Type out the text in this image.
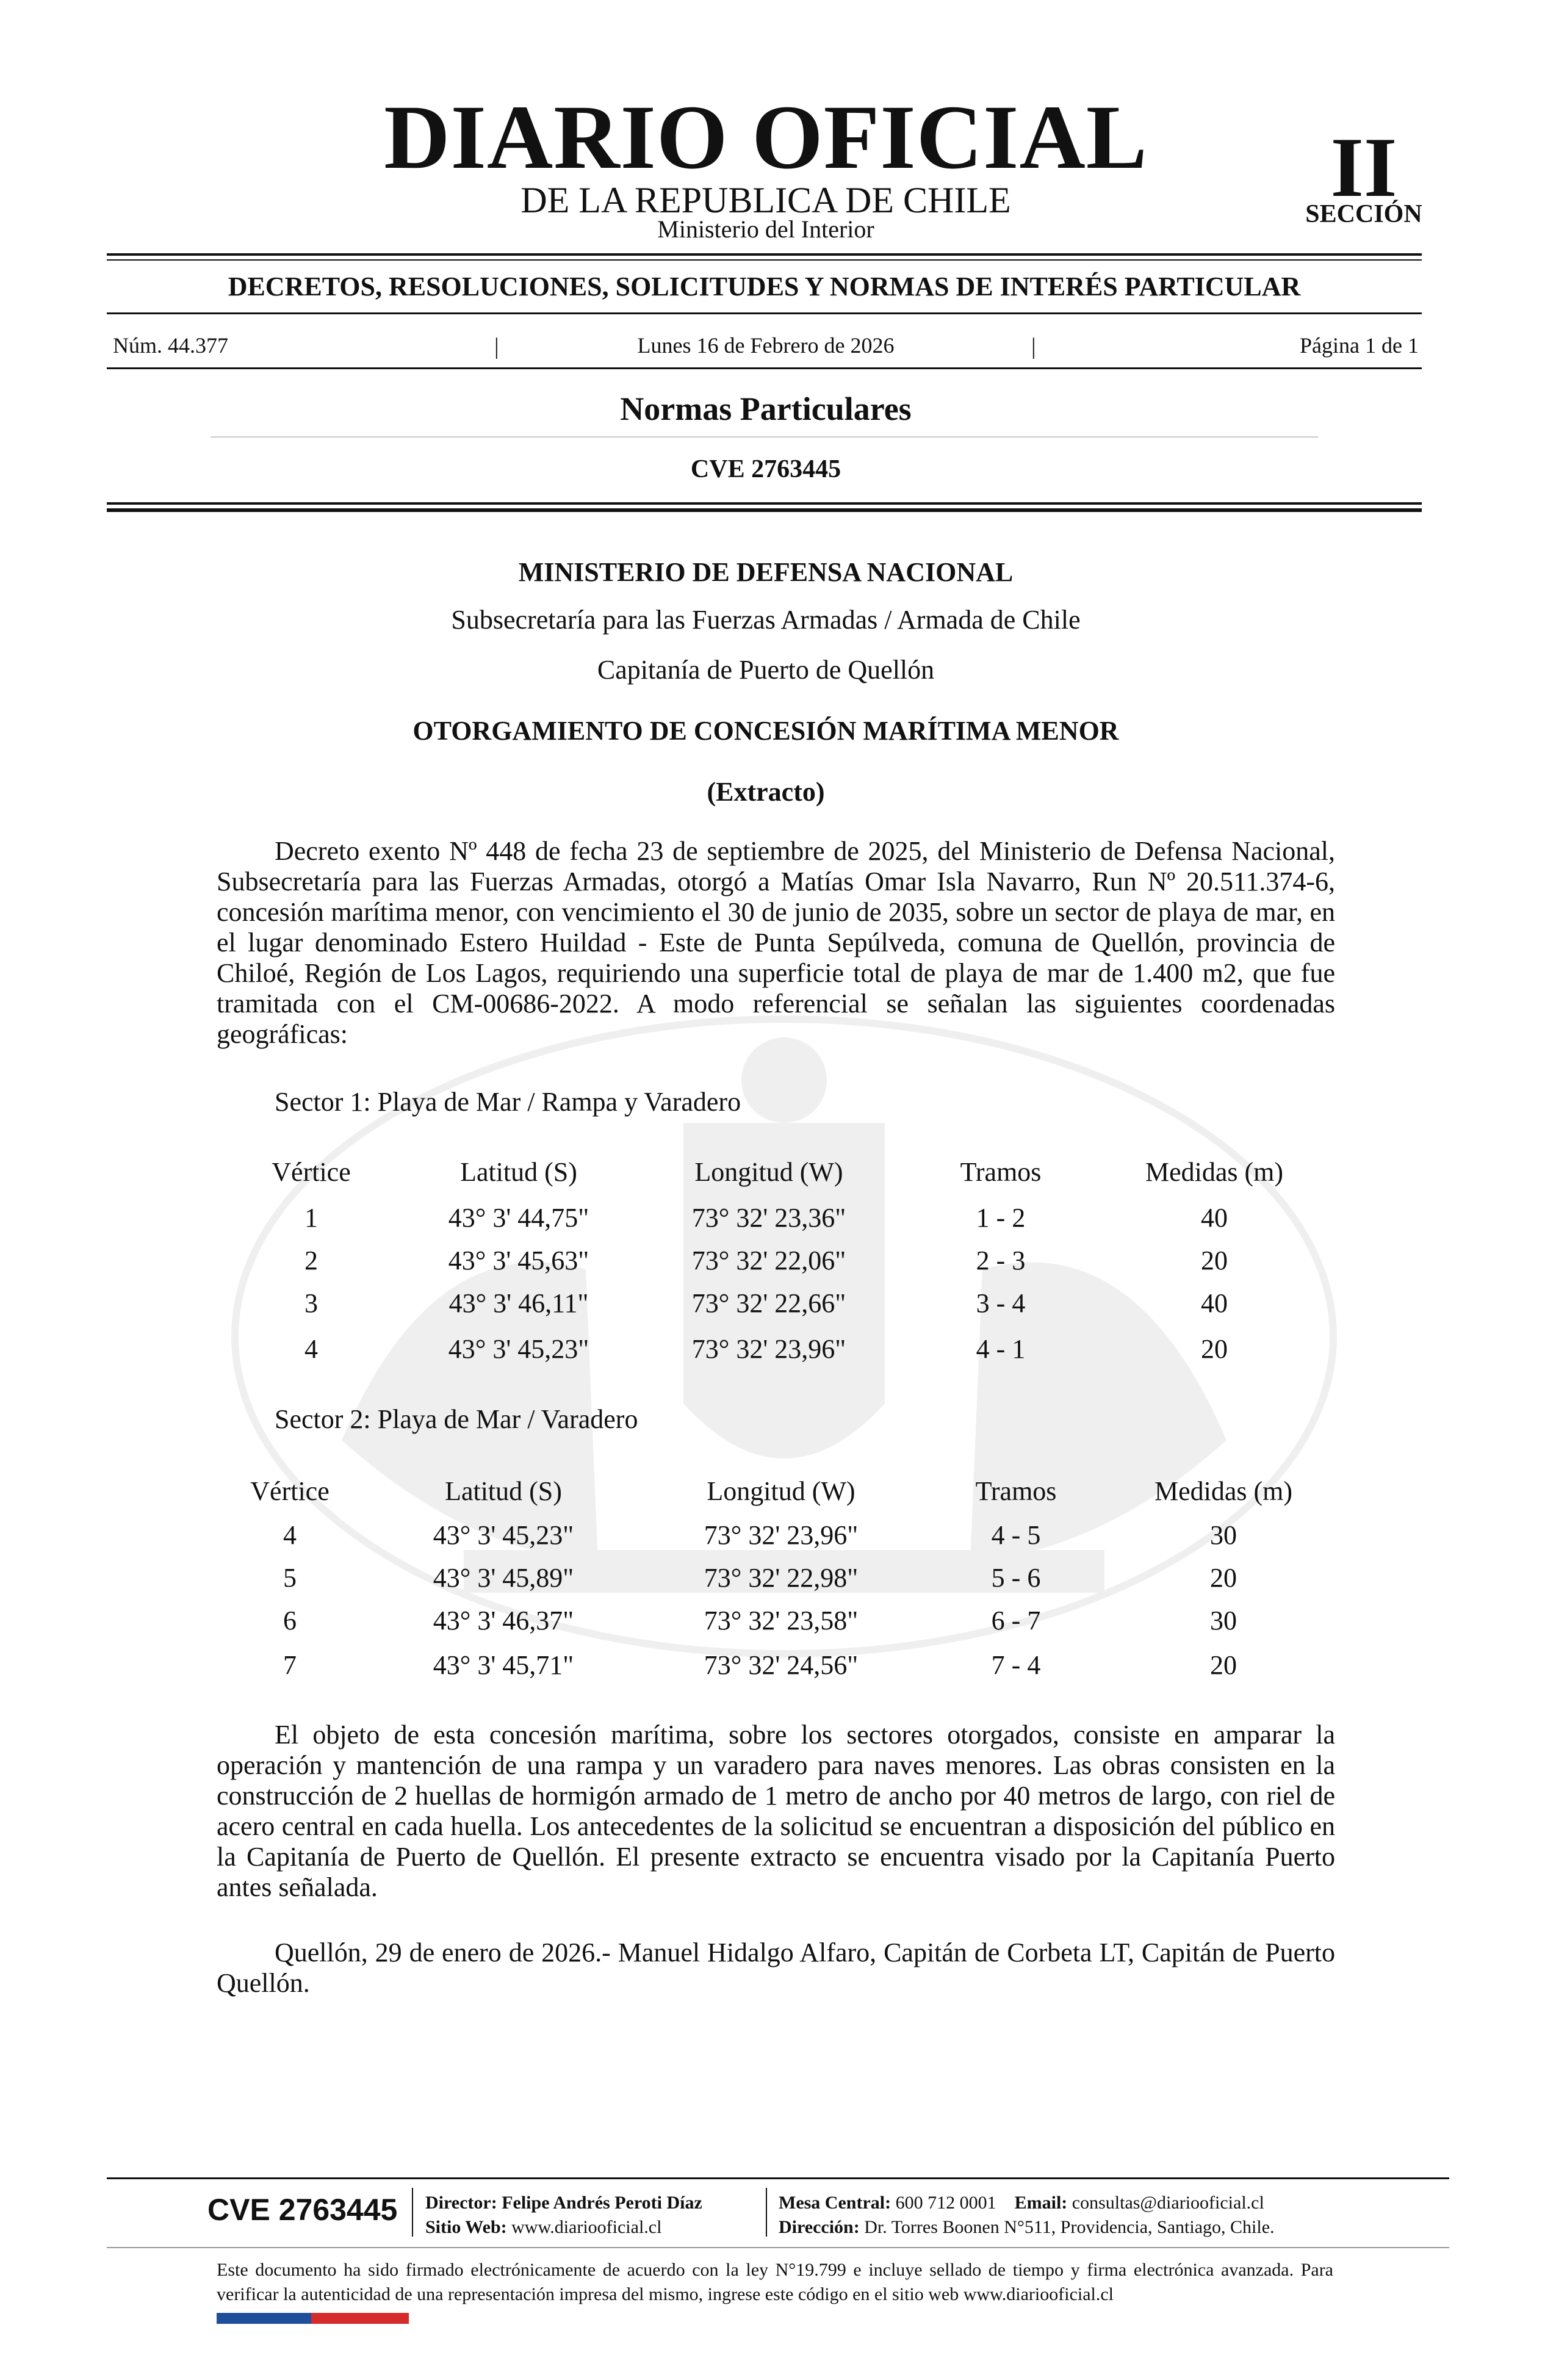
DIARIO OFICIAL
DE LA REPUBLICA DE CHILE
Ministerio del Interior
II
SECCIÓN
DECRETOS, RESOLUCIONES, SOLICITUDES Y NORMAS DE INTERÉS PARTICULAR
Núm. 44.377	|	Lunes 16 de Febrero de 2026	|	Página 1 de 1
Normas Particulares
CVE 2763445
MINISTERIO DE DEFENSA NACIONAL
Subsecretaría para las Fuerzas Armadas / Armada de Chile
Capitanía de Puerto de Quellón
OTORGAMIENTO DE CONCESIÓN MARÍTIMA MENOR
(Extracto)
Decreto exento Nº 448 de fecha 23 de septiembre de 2025, del Ministerio de Defensa Nacional, Subsecretaría para las Fuerzas Armadas, otorgó a Matías Omar Isla Navarro, Run Nº 20.511.374-6, concesión marítima menor, con vencimiento el 30 de junio de 2035, sobre un sector de playa de mar, en el lugar denominado Estero Huildad - Este de Punta Sepúlveda, comuna de Quellón, provincia de Chiloé, Región de Los Lagos, requiriendo una superficie total de playa de mar de 1.400 m2, que fue tramitada con el CM-00686-2022. A modo referencial se señalan las siguientes coordenadas geográficas:
Sector 1: Playa de Mar / Rampa y Varadero
Vértice	Latitud (S)	Longitud (W)	Tramos	Medidas (m)
1	43° 3' 44,75"	73° 32' 23,36"	1 - 2	40
2	43° 3' 45,63"	73° 32' 22,06"	2 - 3	20
3	43° 3' 46,11"	73° 32' 22,66"	3 - 4	40
4	43° 3' 45,23"	73° 32' 23,96"	4 - 1	20
Sector 2: Playa de Mar / Varadero
Vértice	Latitud (S)	Longitud (W)	Tramos	Medidas (m)
4	43° 3' 45,23"	73° 32' 23,96"	4 - 5	30
5	43° 3' 45,89"	73° 32' 22,98"	5 - 6	20
6	43° 3' 46,37"	73° 32' 23,58"	6 - 7	30
7	43° 3' 45,71"	73° 32' 24,56"	7 - 4	20
El objeto de esta concesión marítima, sobre los sectores otorgados, consiste en amparar la operación y mantención de una rampa y un varadero para naves menores. Las obras consisten en la construcción de 2 huellas de hormigón armado de 1 metro de ancho por 40 metros de largo, con riel de acero central en cada huella. Los antecedentes de la solicitud se encuentran a disposición del público en la Capitanía de Puerto de Quellón. El presente extracto se encuentra visado por la Capitanía Puerto antes señalada.
Quellón, 29 de enero de 2026.- Manuel Hidalgo Alfaro, Capitán de Corbeta LT, Capitán de Puerto Quellón.
CVE 2763445 Director: Felipe Andrés Peroti Díaz
Sitio Web: www.diariooficial.cl
Mesa Central: 600 712 0001 Email: consultas@diariooficial.cl
Dirección: Dr. Torres Boonen N°511, Providencia, Santiago, Chile.
Este documento ha sido firmado electrónicamente de acuerdo con la ley N°19.799 e incluye sellado de tiempo y firma electrónica avanzada. Para verificar la autenticidad de una representación impresa del mismo, ingrese este código en el sitio web www.diariooficial.cl
